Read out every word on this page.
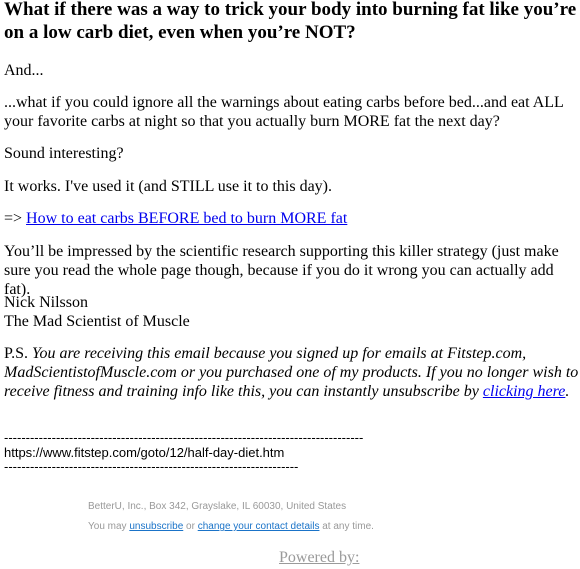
What if there was a way to trick your body into burning fat like you’re on a low carb diet, even when you’re NOT?

And...

...what if you could ignore all the warnings about eating carbs before bed...and eat ALL your favorite carbs at night so that you actually burn MORE fat the next day?

Sound interesting?

It works. I've used it (and STILL use it to this day).

=> How to eat carbs BEFORE bed to burn MORE fat

You’ll be impressed by the scientific research supporting this killer strategy (just make sure you read the whole page though, because if you do it wrong you can actually add fat).

Nick Nilsson
The Mad Scientist of Muscle

P.S. You are receiving this email because you signed up for emails at Fitstep.com, MadScientistofMuscle.com or you purchased one of my products. If you no longer wish to receive fitness and training info like this, you can instantly unsubscribe by clicking here.

-----------------------------------------------------------------------------------
https://www.fitstep.com/goto/12/half-day-diet.htm
--------------------------------------------------------------------
BetterU, Inc., Box 342, Grayslake, IL 60030, United States
You may unsubscribe or change your contact details at any time.
Powered by:
